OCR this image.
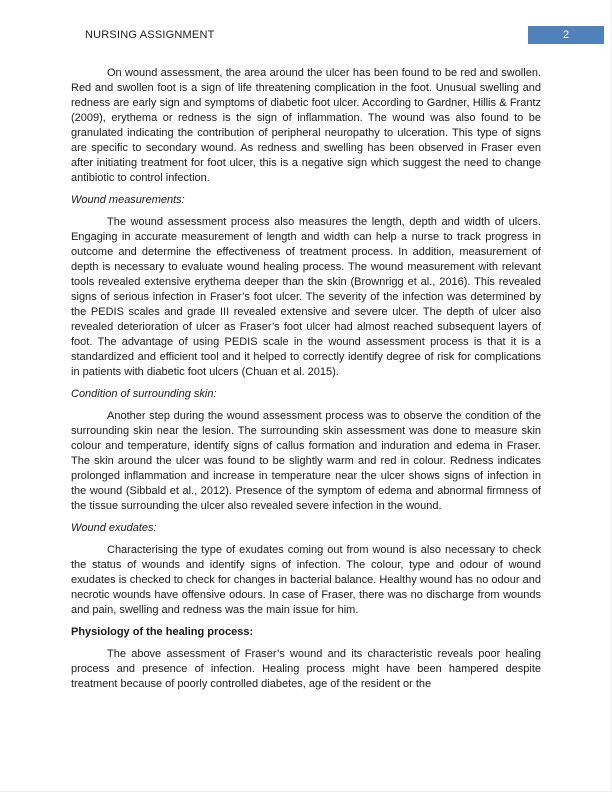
NURSING ASSIGNMENT	2

On wound assessment, the area around the ulcer has been found to be red and swollen. Red and swollen foot is a sign of life threatening complication in the foot. Unusual swelling and redness are early sign and symptoms of diabetic foot ulcer. According to Gardner, Hillis & Frantz (2009), erythema or redness is the sign of inflammation. The wound was also found to be granulated indicating the contribution of peripheral neuropathy to ulceration. This type of signs are specific to secondary wound. As redness and swelling has been observed in Fraser even after initiating treatment for foot ulcer, this is a negative sign which suggest the need to change antibiotic to control infection.

Wound measurements:

The wound assessment process also measures the length, depth and width of ulcers. Engaging in accurate measurement of length and width can help a nurse to track progress in outcome and determine the effectiveness of treatment process. In addition, measurement of depth is necessary to evaluate wound healing process. The wound measurement with relevant tools revealed extensive erythema deeper than the skin (Brownrigg et al., 2016). This revealed signs of serious infection in Fraser’s foot ulcer. The severity of the infection was determined by the PEDIS scales and grade III revealed extensive and severe ulcer. The depth of ulcer also revealed deterioration of ulcer as Fraser’s foot ulcer had almost reached subsequent layers of foot. The advantage of using PEDIS scale in the wound assessment process is that it is a standardized and efficient tool and it helped to correctly identify degree of risk for complications in patients with diabetic foot ulcers (Chuan et al. 2015).

Condition of surrounding skin:

Another step during the wound assessment process was to observe the condition of the surrounding skin near the lesion. The surrounding skin assessment was done to measure skin colour and temperature, identify signs of callus formation and induration and edema in Fraser. The skin around the ulcer was found to be slightly warm and red in colour. Redness indicates prolonged inflammation and increase in temperature near the ulcer shows signs of infection in the wound (Sibbald et al., 2012). Presence of the symptom of edema and abnormal firmness of the tissue surrounding the ulcer also revealed severe infection in the wound.

Wound exudates:

Characterising the type of exudates coming out from wound is also necessary to check the status of wounds and identify signs of infection. The colour, type and odour of wound exudates is checked to check for changes in bacterial balance. Healthy wound has no odour and necrotic wounds have offensive odours. In case of Fraser, there was no discharge from wounds and pain, swelling and redness was the main issue for him.

Physiology of the healing process:

The above assessment of Fraser’s wound and its characteristic reveals poor healing process and presence of infection. Healing process might have been hampered despite treatment because of poorly controlled diabetes, age of the resident or the
